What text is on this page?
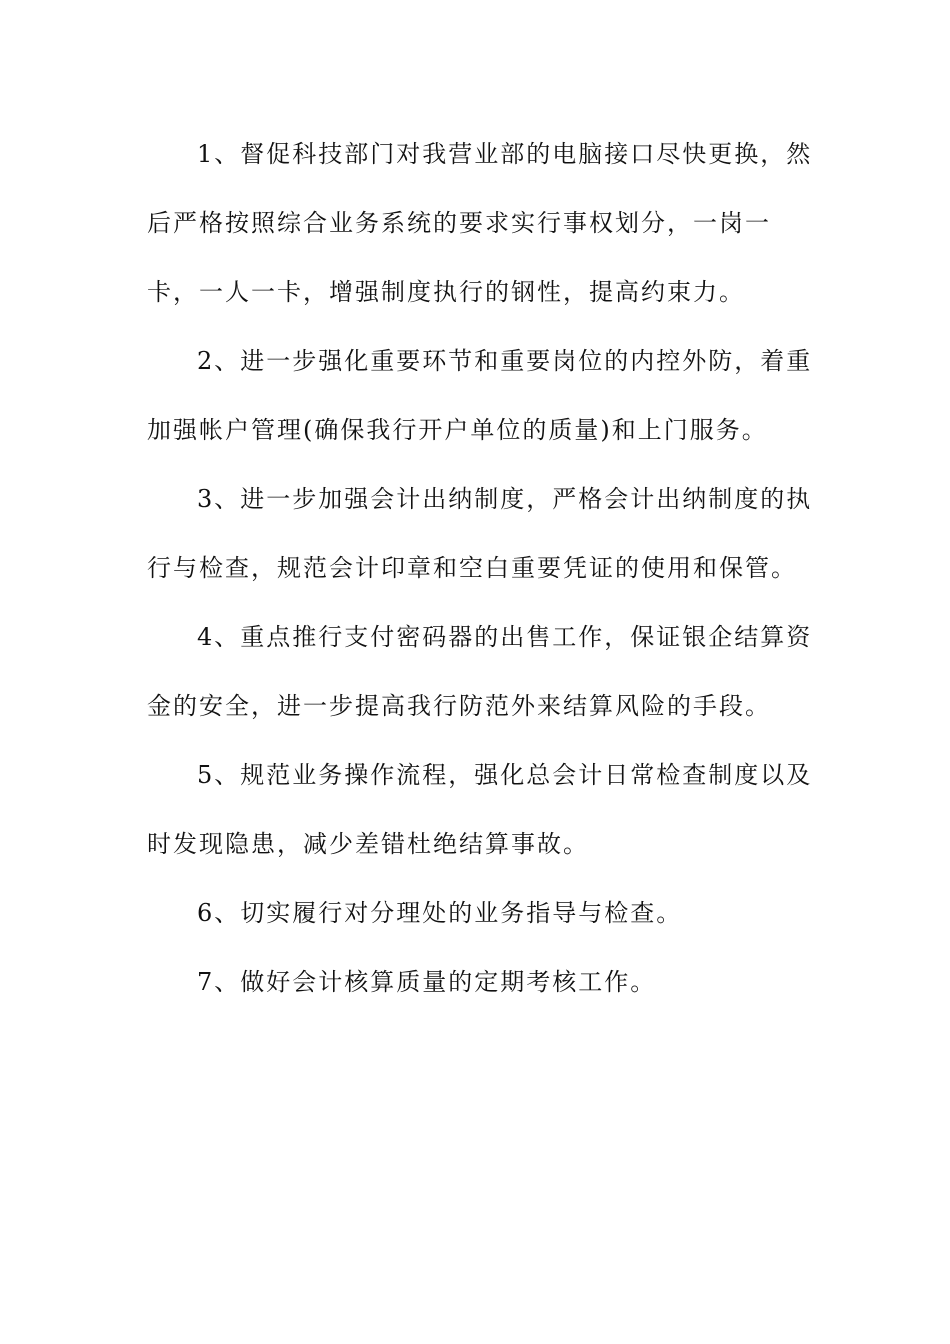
1、督促科技部门对我营业部的电脑接口尽快更换，然
后严格按照综合业务系统的要求实行事权划分，一岗一
卡，一人一卡，增强制度执行的钢性，提高约束力。
2、进一步强化重要环节和重要岗位的内控外防，着重
加强帐户管理(确保我行开户单位的质量)和上门服务。
3、进一步加强会计出纳制度，严格会计出纳制度的执
行与检查，规范会计印章和空白重要凭证的使用和保管。
4、重点推行支付密码器的出售工作，保证银企结算资
金的安全，进一步提高我行防范外来结算风险的手段。
5、规范业务操作流程，强化总会计日常检查制度以及
时发现隐患，减少差错杜绝结算事故。
6、切实履行对分理处的业务指导与检查。
7、做好会计核算质量的定期考核工作。
